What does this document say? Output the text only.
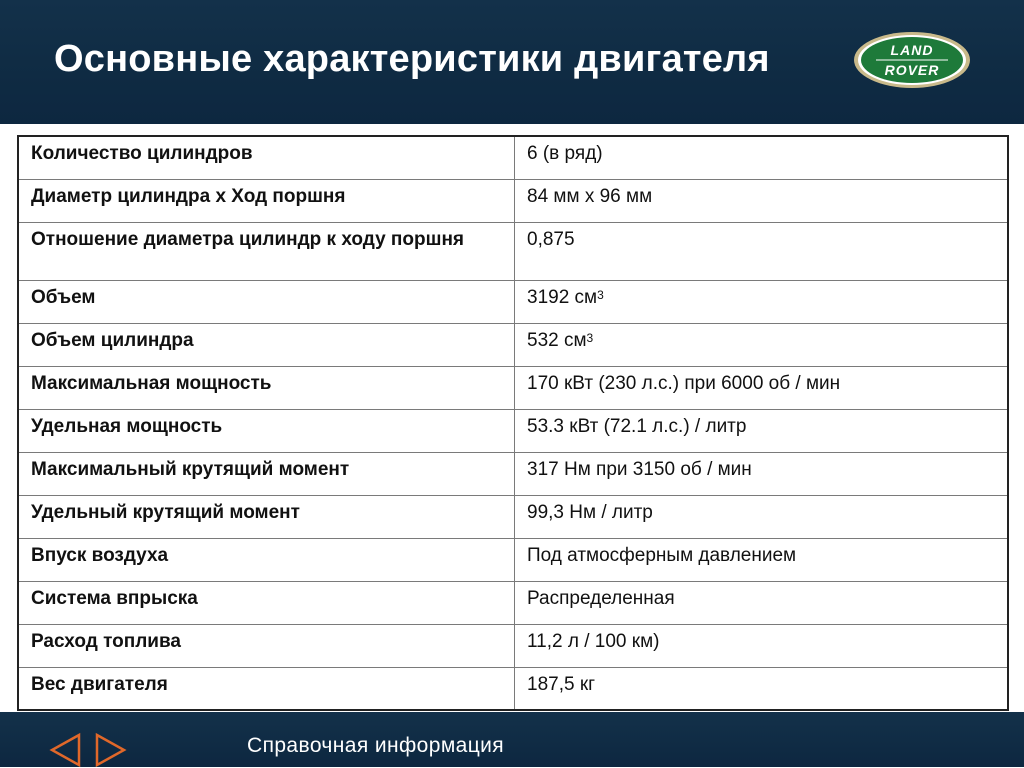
Основные характеристики двигателя	LAND
ROVER
Количество цилиндров	6 (в ряд)
Диаметр цилиндра х Ход поршня	84 мм х 96 мм
Отношение диаметра цилиндр к ходу поршня	0,875
Объем	3192 $см^3$
Объем цилиндра	532 $см^3$
Максимальная мощность	170 кВт (230 л.с.) при 6000 об / мин
Удельная мощность	53.3 кВт (72.1 л.с.) / литр
Максимальный крутящий момент	317 Нм при 3150 об / мин
Удельный крутящий момент	99,3 Нм / литр
Впуск воздуха	Под атмосферным давлением
Система впрыска	Распределенная
Расход топлива	11,2 л / 100 км)
Вес двигателя	187,5 кг
Справочная информация
